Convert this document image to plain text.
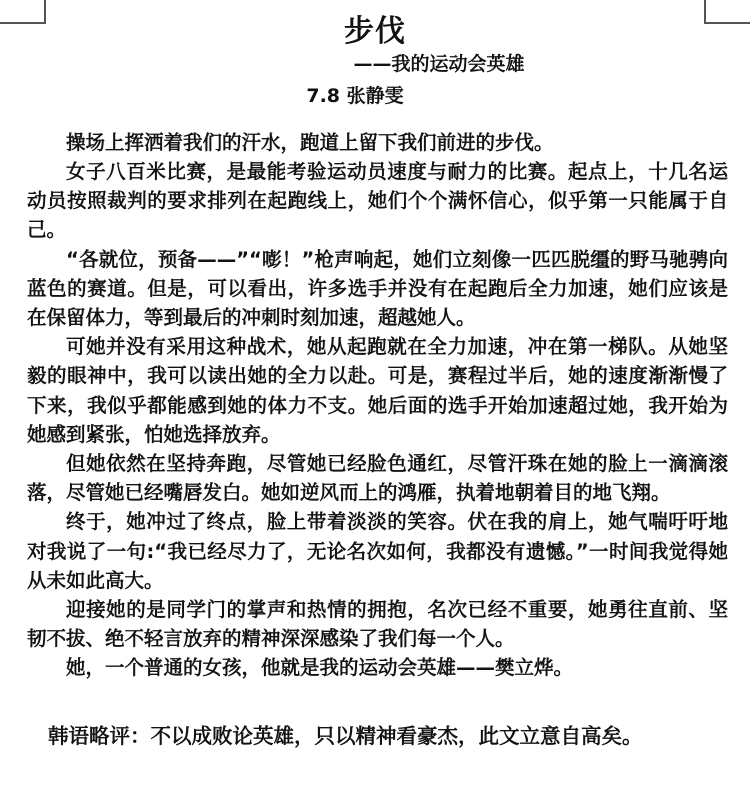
步伐
——我的运动会英雄
7.8 张静雯

操场上挥洒着我们的汗水，跑道上留下我们前进的步伐。

女子八百米比赛，是最能考验运动员速度与耐力的比赛。起点上，十几名运动员按照裁判的要求排列在起跑线上，她们个个满怀信心，似乎第一只能属于自己。

“各就位，预备——”“嘭！”枪声响起，她们立刻像一匹匹脱缰的野马驰骋向蓝色的赛道。但是，可以看出，许多选手并没有在起跑后全力加速，她们应该是在保留体力，等到最后的冲刺时刻加速，超越她人。

可她并没有采用这种战术，她从起跑就在全力加速，冲在第一梯队。从她坚毅的眼神中，我可以读出她的全力以赴。可是，赛程过半后，她的速度渐渐慢了下来，我似乎都能感到她的体力不支。她后面的选手开始加速超过她，我开始为她感到紧张，怕她选择放弃。

但她依然在坚持奔跑，尽管她已经脸色通红，尽管汗珠在她的脸上一滴滴滚落，尽管她已经嘴唇发白。她如逆风而上的鸿雁，执着地朝着目的地飞翔。

终于，她冲过了终点，脸上带着淡淡的笑容。伏在我的肩上，她气喘吁吁地对我说了一句:“我已经尽力了，无论名次如何，我都没有遗憾。”一时间我觉得她从未如此高大。

迎接她的是同学门的掌声和热情的拥抱，名次已经不重要，她勇往直前、坚韧不拔、绝不轻言放弃的精神深深感染了我们每一个人。

她，一个普通的女孩，他就是我的运动会英雄——樊立烨。

韩语略评：不以成败论英雄，只以精神看豪杰，此文立意自高矣。
